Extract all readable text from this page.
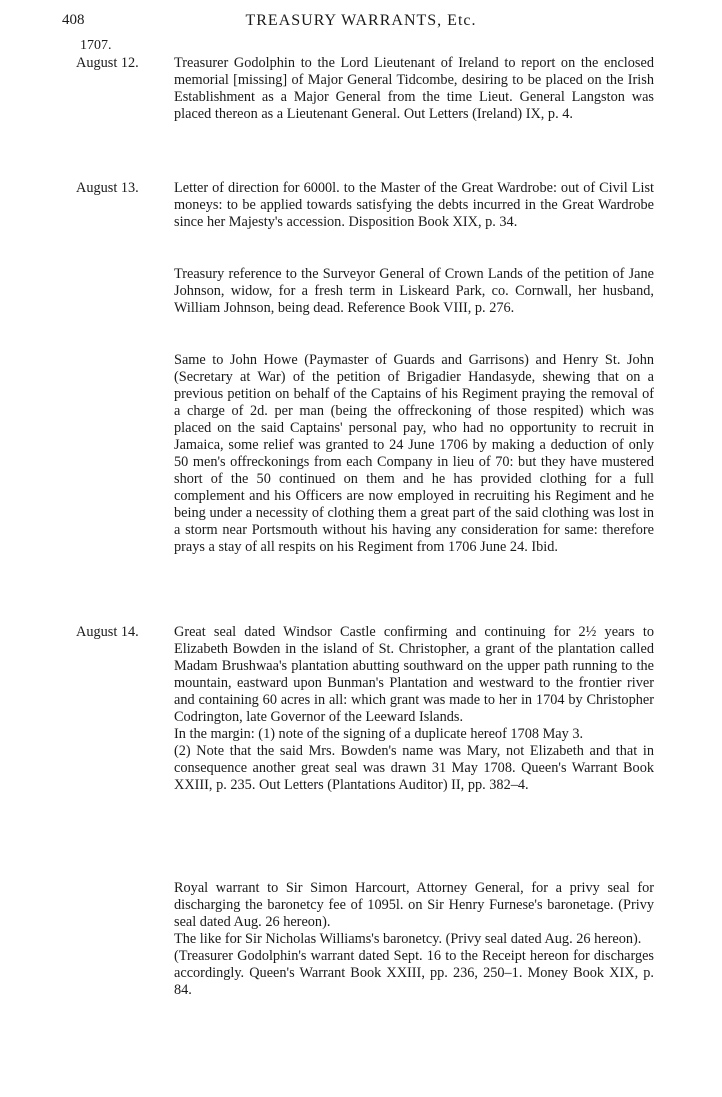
408	TREASURY WARRANTS, Etc.
1707.
August 12. Treasurer Godolphin to the Lord Lieutenant of Ireland to report on the enclosed memorial [missing] of Major General Tidcombe, desiring to be placed on the Irish Establishment as a Major General from the time Lieut. General Langston was placed thereon as a Lieutenant General. Out Letters (Ireland) IX, p. 4.

August 13. Letter of direction for 6000l. to the Master of the Great Wardrobe: out of Civil List moneys: to be applied towards satisfying the debts incurred in the Great Wardrobe since her Majesty's accession. Disposition Book XIX, p. 34.

Treasury reference to the Surveyor General of Crown Lands of the petition of Jane Johnson, widow, for a fresh term in Liskeard Park, co. Cornwall, her husband, William Johnson, being dead. Reference Book VIII, p. 276.

Same to John Howe (Paymaster of Guards and Garrisons) and Henry St. John (Secretary at War) of the petition of Brigadier Handasyde, shewing that on a previous petition on behalf of the Captains of his Regiment praying the removal of a charge of 2d. per man (being the offreckoning of those respited) which was placed on the said Captains' personal pay, who had no opportunity to recruit in Jamaica, some relief was granted to 24 June 1706 by making a deduction of only 50 men's offreckonings from each Company in lieu of 70: but they have mustered short of the 50 continued on them and he has provided clothing for a full complement and his Officers are now employed in recruiting his Regiment and he being under a necessity of clothing them a great part of the said clothing was lost in a storm near Portsmouth without his having any consideration for same: therefore prays a stay of all respits on his Regiment from 1706 June 24. Ibid.

August 14. Great seal dated Windsor Castle confirming and continuing for 2½ years to Elizabeth Bowden in the island of St. Christopher, a grant of the plantation called Madam Brushwaa's plantation abutting southward on the upper path running to the mountain, eastward upon Bunman's Plantation and westward to the frontier river and containing 60 acres in all: which grant was made to her in 1704 by Christopher Codrington, late Governor of the Leeward Islands.

In the margin: (1) note of the signing of a duplicate hereof 1708 May 3.

(2) Note that the said Mrs. Bowden's name was Mary, not Elizabeth and that in consequence another great seal was drawn 31 May 1708. Queen's Warrant Book XXIII, p. 235. Out Letters (Plantations Auditor) II, pp. 382–4.

Royal warrant to Sir Simon Harcourt, Attorney General, for a privy seal for discharging the baronetcy fee of 1095l. on Sir Henry Furnese's baronetage. (Privy seal dated Aug. 26 hereon).

The like for Sir Nicholas Williams's baronetcy. (Privy seal dated Aug. 26 hereon).

(Treasurer Godolphin's warrant dated Sept. 16 to the Receipt hereon for discharges accordingly. Queen's Warrant Book XXIII, pp. 236, 250–1. Money Book XIX, p. 84.
